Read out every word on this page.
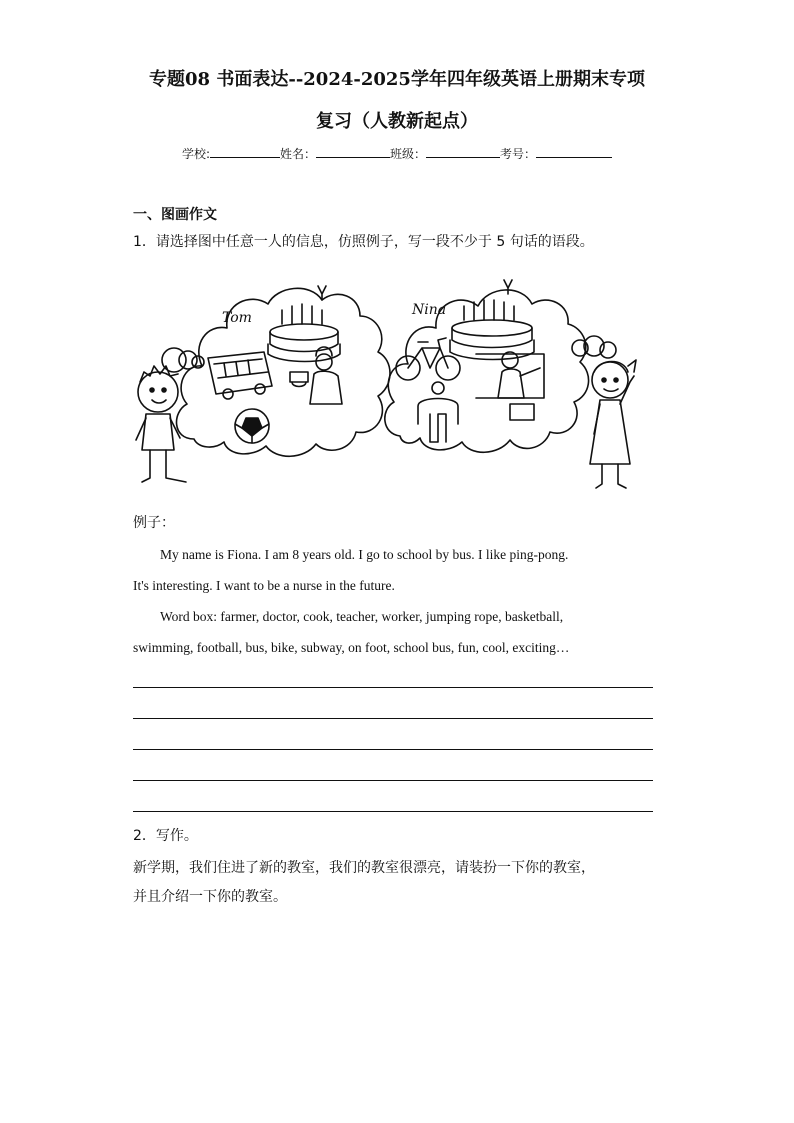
专题08 书面表达--2024-2025学年四年级英语上册期末专项
复习（人教新起点）
学校:	姓名：	班级：	考号：
一、图画作文
1．请选择图中任意一人的信息，仿照例子，写一段不少于 5 句话的语段。
Tom	Nina
例子：
My name is Fiona. I am 8 years old. I go to school by bus. I like ping-pong.
It's interesting. I want to be a nurse in the future.
Word box: farmer, doctor, cook, teacher, worker, jumping rope, basketball,
swimming, football, bus, bike, subway, on foot, school bus, fun, cool, exciting…
2．写作。
新学期，我们住进了新的教室，我们的教室很漂亮，请装扮一下你的教室，
并且介绍一下你的教室。
